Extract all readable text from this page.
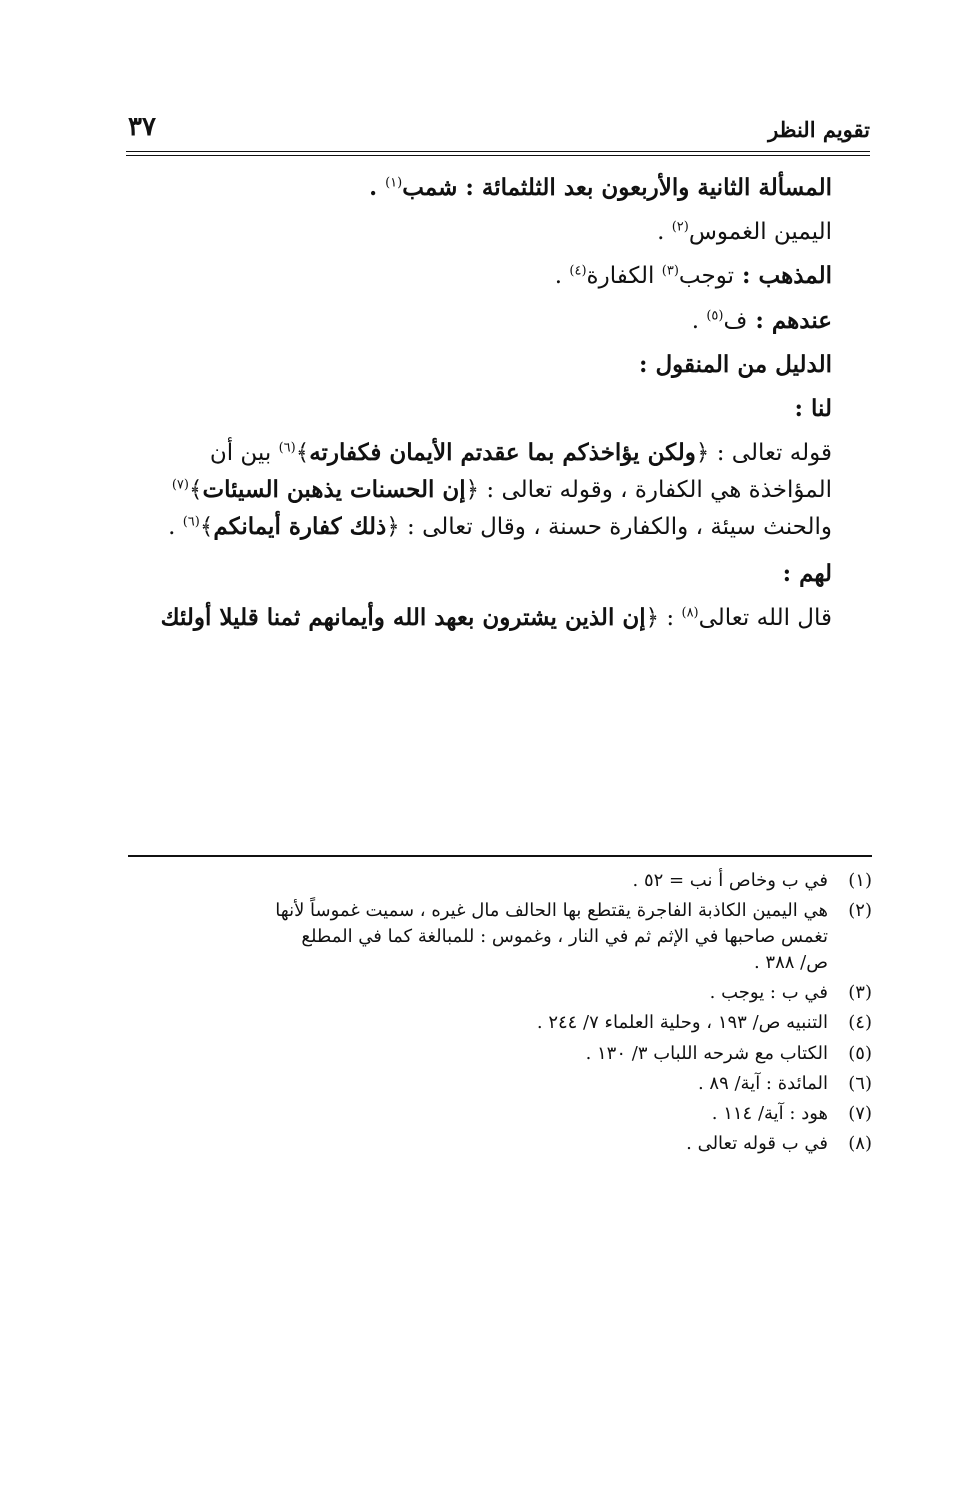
تقويم النظر
٣٧

المسألة الثانية والأربعون بعد الثلثمائة : شمب$^{(١)}$ .

اليمين الغموس$^{(٢)}$ .

المذهب : توجب$^{(٣)}$ الكفارة$^{(٤)}$ .

عندهم : ف$^{(٥)}$ .

الدليل من المنقول :

لنا :

قوله تعالى : ﴿ولكن يؤاخذكم بما عقدتم الأيمان فكفارته﴾$^{(٦)}$ بين أن

المؤاخذة هي الكفارة ، وقوله تعالى : ﴿إن الحسنات يذهبن السيئات﴾$^{(٧)}$

والحنث سيئة ، والكفارة حسنة ، وقال تعالى : ﴿ذلك كفارة أيمانكم﴾$^{(٦)}$ .

لهم :

قال الله تعالى$^{(٨)}$ : ﴿إن الذين يشترون بعهد الله وأيمانهم ثمنا قليلا أولئك

(١)
في ب وخاص أ نب = ٥٢ .
(٢)
هي اليمين الكاذبة الفاجرة يقتطع بها الحالف مال غيره ، سميت غموساً لأنها
تغمس صاحبها في الإثم ثم في النار ، وغموس : للمبالغة كما في المطلع
ص/ ٣٨٨ .
(٣)
في ب : يوجب .
(٤)
التنبيه ص/ ١٩٣ ، وحلية العلماء ٧/ ٢٤٤ .
(٥)
الكتاب مع شرحه اللباب ٣/ ١٣٠ .
(٦)
المائدة : آية/ ٨٩ .
(٧)
هود : آية/ ١١٤ .
(٨)
في ب قوله تعالى .
